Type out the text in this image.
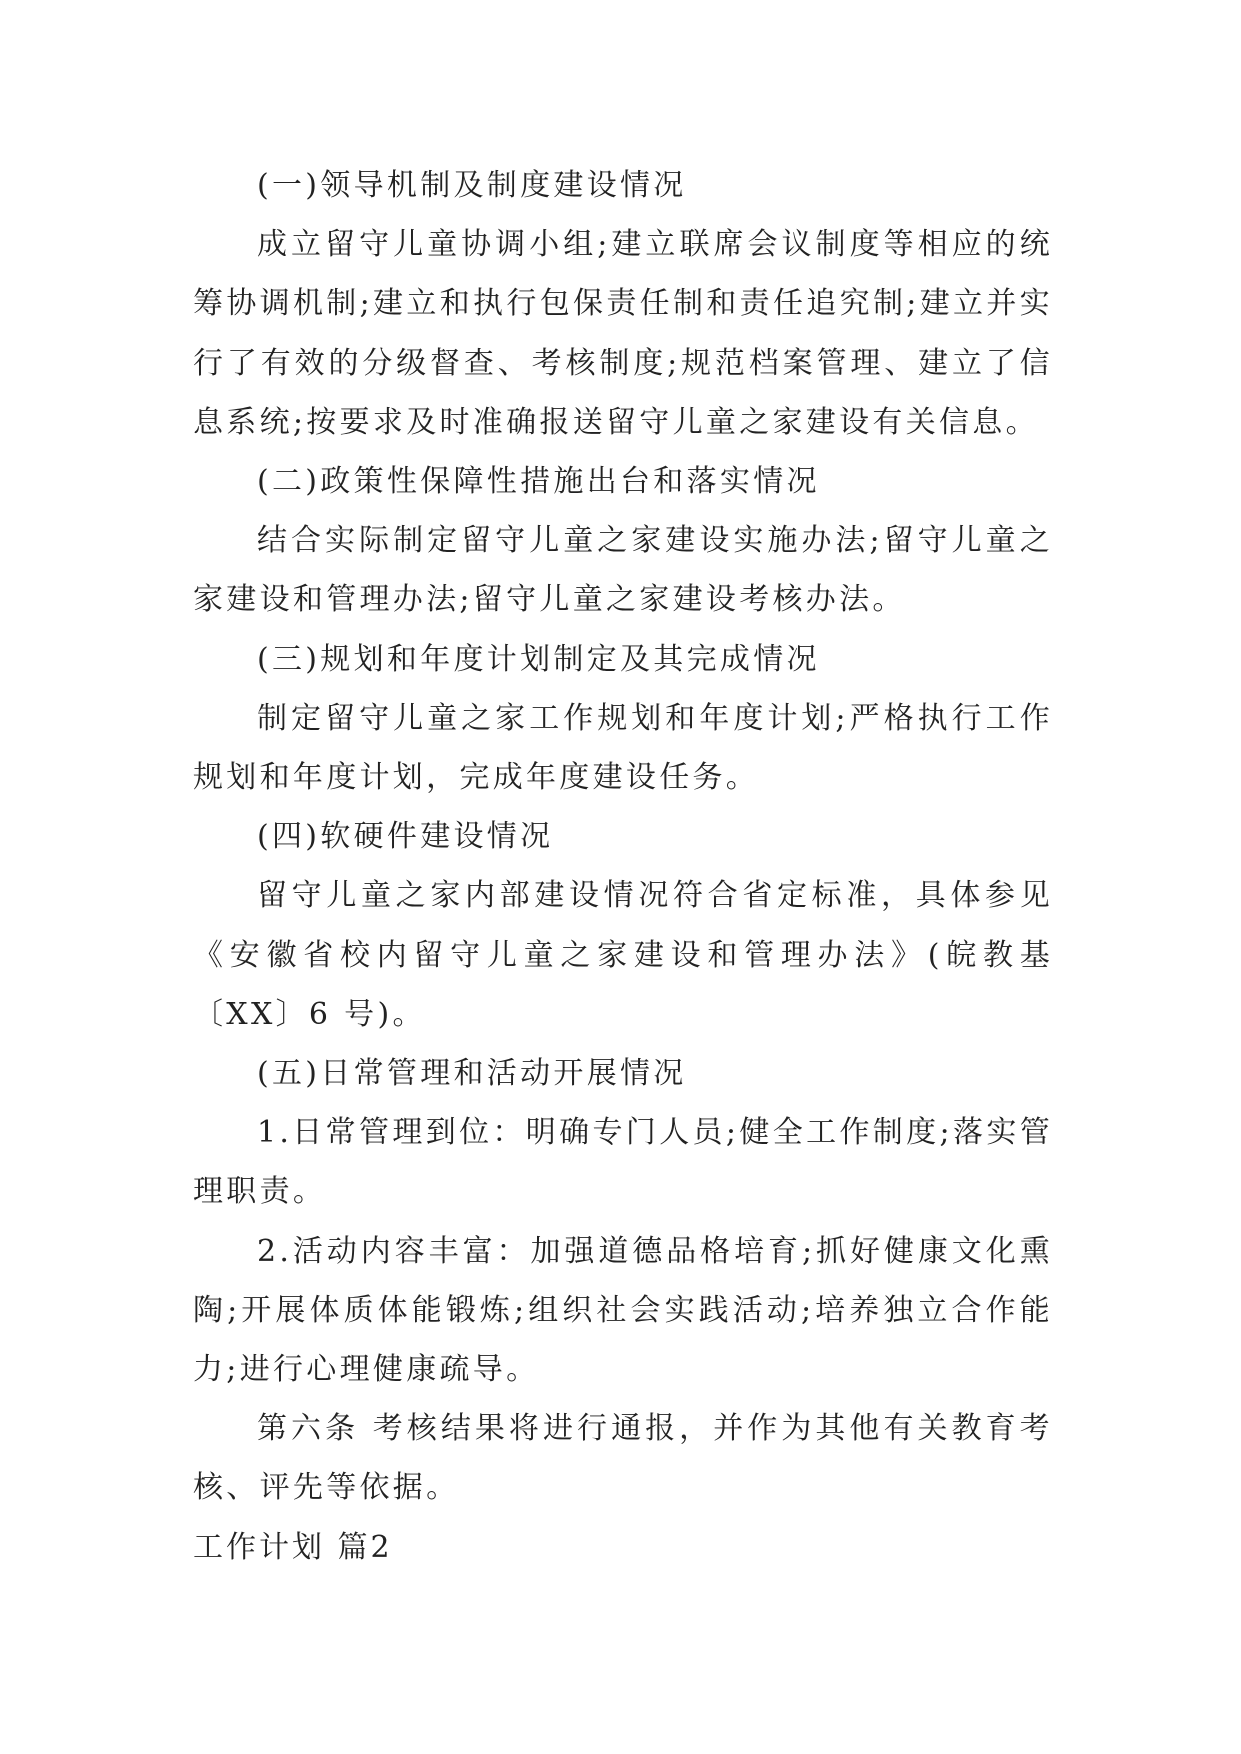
(一)领导机制及制度建设情况

成立留守儿童协调小组;建立联席会议制度等相应的统筹协调机制;建立和执行包保责任制和责任追究制;建立并实行了有效的分级督查、考核制度;规范档案管理、建立了信息系统;按要求及时准确报送留守儿童之家建设有关信息。

(二)政策性保障性措施出台和落实情况

结合实际制定留守儿童之家建设实施办法;留守儿童之家建设和管理办法;留守儿童之家建设考核办法。

(三)规划和年度计划制定及其完成情况

制定留守儿童之家工作规划和年度计划;严格执行工作规划和年度计划，完成年度建设任务。

(四)软硬件建设情况

留守儿童之家内部建设情况符合省定标准，具体参见《安徽省校内留守儿童之家建设和管理办法》(皖教基〔XX〕6 号)。

(五)日常管理和活动开展情况

1.日常管理到位：明确专门人员;健全工作制度;落实管理职责。

2.活动内容丰富：加强道德品格培育;抓好健康文化熏陶;开展体质体能锻炼;组织社会实践活动;培养独立合作能力;进行心理健康疏导。

第六条 考核结果将进行通报，并作为其他有关教育考核、评先等依据。

工作计划 篇2
